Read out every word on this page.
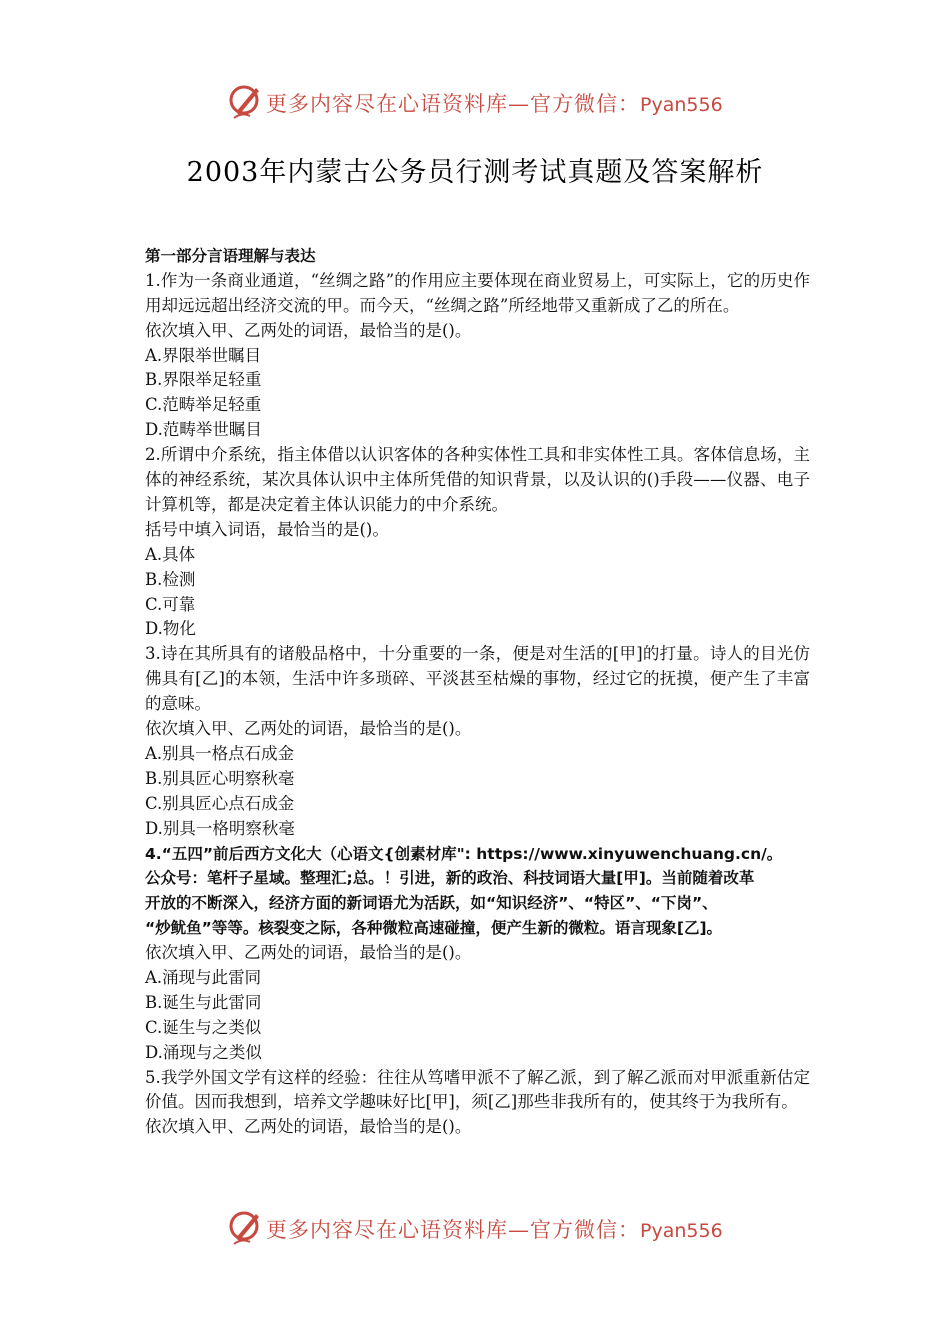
更多内容尽在心语资料库—官方微信：Pyan556
2003年内蒙古公务员行测考试真题及答案解析
第一部分言语理解与表达
1.作为一条商业通道，“丝绸之路”的作用应主要体现在商业贸易上，可实际上，它的历史作用却远远超出经济交流的甲。而今天，“丝绸之路”所经地带又重新成了乙的所在。
依次填入甲、乙两处的词语，最恰当的是()。
A.界限举世瞩目
B.界限举足轻重
C.范畴举足轻重
D.范畴举世瞩目
2.所谓中介系统，指主体借以认识客体的各种实体性工具和非实体性工具。客体信息场，主体的神经系统，某次具体认识中主体所凭借的知识背景，以及认识的()手段——仪器、电子计算机等，都是决定着主体认识能力的中介系统。
括号中填入词语，最恰当的是()。
A.具体
B.检测
C.可靠
D.物化
3.诗在其所具有的诸般品格中，十分重要的一条，便是对生活的[甲]的打量。诗人的目光仿佛具有[乙]的本领，生活中许多琐碎、平淡甚至枯燥的事物，经过它的抚摸，便产生了丰富的意味。
依次填入甲、乙两处的词语，最恰当的是()。
A.别具一格点石成金
B.别具匠心明察秋毫
C.别具匠心点石成金
D.别具一格明察秋毫
4.“五四”前后西方文化大（心语文{创素材库": https://www.xinyuwenchuang.cn/。
公众号：笔杆子星域。整理汇;总。！引进，新的政治、科技词语大量[甲]。当前随着改革
开放的不断深入，经济方面的新词语尤为活跃，如“知识经济”、“特区”、“下岗”、
“炒鱿鱼”等等。核裂变之际，各种微粒高速碰撞，便产生新的微粒。语言现象[乙]。
依次填入甲、乙两处的词语，最恰当的是()。
A.涌现与此雷同
B.诞生与此雷同
C.诞生与之类似
D.涌现与之类似
5.我学外国文学有这样的经验：往往从笃嗜甲派不了解乙派，到了解乙派而对甲派重新估定价值。因而我想到，培养文学趣味好比[甲]，须[乙]那些非我所有的，使其终于为我所有。
依次填入甲、乙两处的词语，最恰当的是()。
更多内容尽在心语资料库—官方微信：Pyan556
